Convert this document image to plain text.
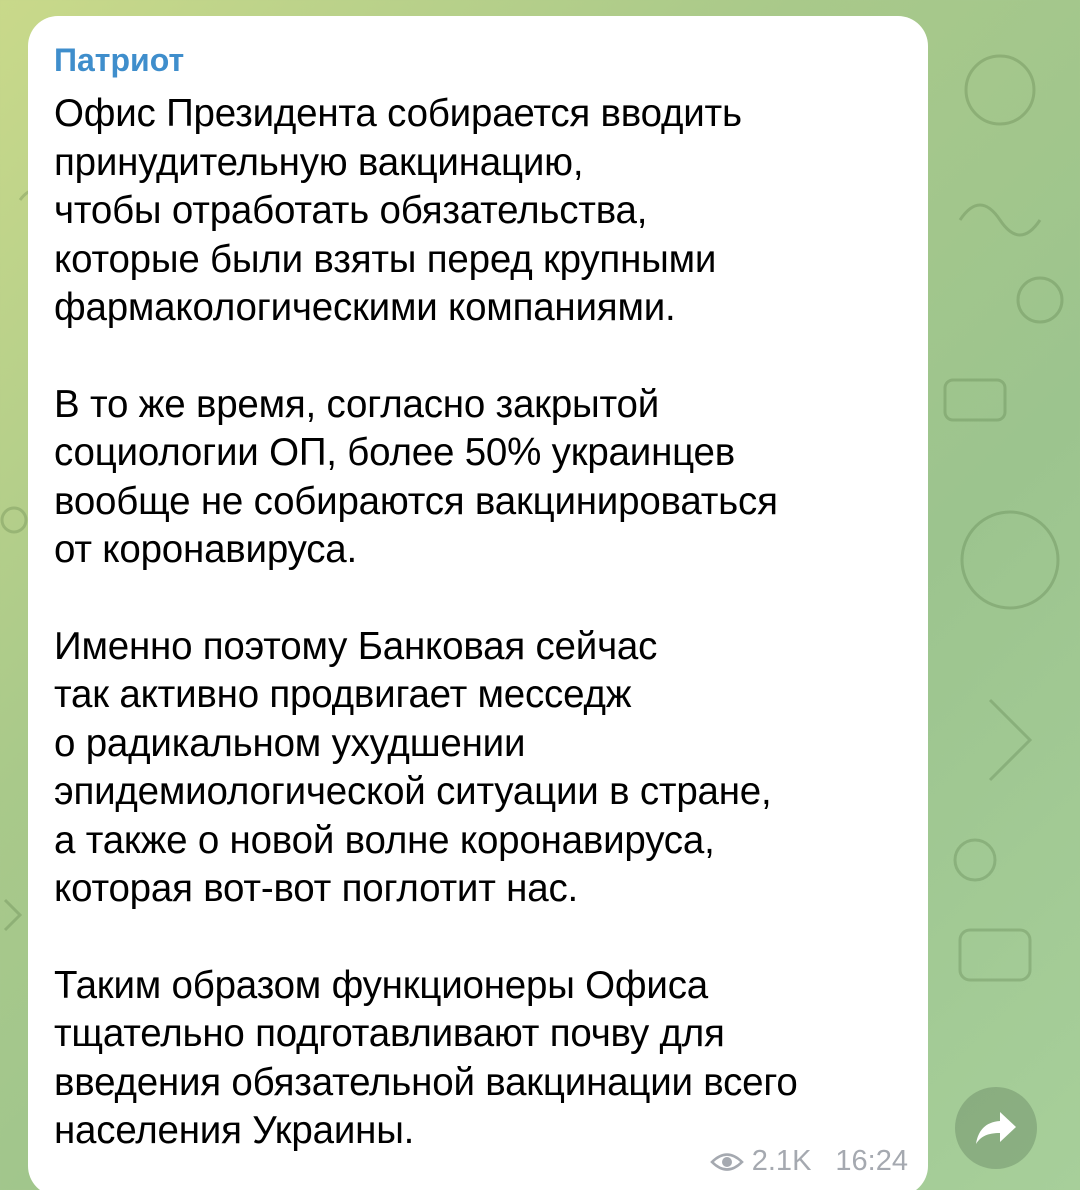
Патриот
Офис Президента собирается вводить
принудительную вакцинацию,
чтобы отработать обязательства,
которые были взяты перед крупными
фармакологическими компаниями.
В то же время, согласно закрытой
социологии ОП, более 50% украинцев
вообще не собираются вакцинироваться
от коронавируса.
Именно поэтому Банковая сейчас
так активно продвигает месседж
о радикальном ухудшении
эпидемиологической ситуации в стране,
а также о новой волне коронавируса,
которая вот-вот поглотит нас.
Таким образом функционеры Офиса
тщательно подготавливают почву для
введения обязательной вакцинации всего
населения Украины.
2.1K 16:24
